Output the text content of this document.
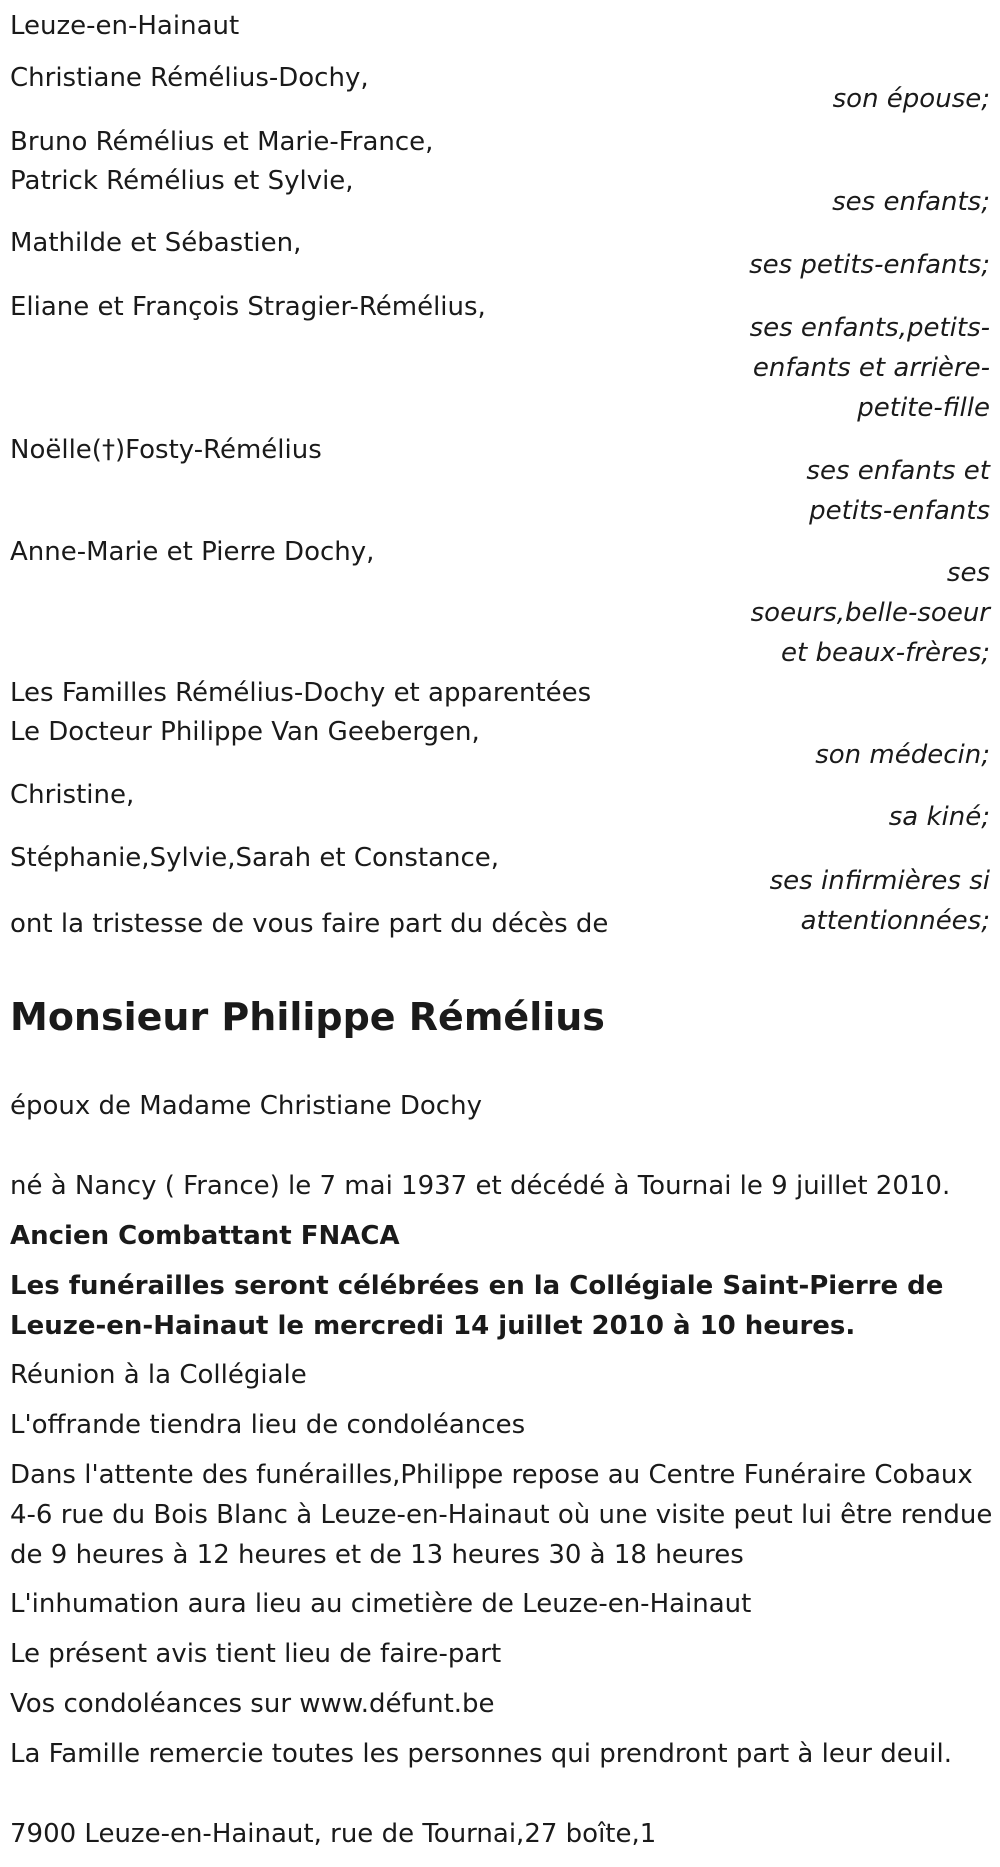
Leuze-en-Hainaut
Christiane Rémélius-Dochy,
son épouse;
Bruno Rémélius et Marie-France,
Patrick Rémélius et Sylvie,
ses enfants;
Mathilde et Sébastien,
ses petits-enfants;
Eliane et François Stragier-Rémélius,
ses enfants,petits-
enfants et arrière-
petite-fille
Noëlle(†)Fosty-Rémélius
ses enfants et
petits-enfants
Anne-Marie et Pierre Dochy,
ses
soeurs,belle-soeur
et beaux-frères;
Les Familles Rémélius-Dochy et apparentées
Le Docteur Philippe Van Geebergen,
son médecin;
Christine,
sa kiné;
Stéphanie,Sylvie,Sarah et Constance,
ses infirmières si
attentionnées;
ont la tristesse de vous faire part du décès de
Monsieur Philippe Rémélius
époux de Madame Christiane Dochy
né à Nancy ( France) le 7 mai 1937 et décédé à Tournai le 9 juillet 2010.
Ancien Combattant FNACA
Les funérailles seront célébrées en la Collégiale Saint-Pierre de Leuze-en-Hainaut le mercredi 14 juillet 2010 à 10 heures.
Réunion à la Collégiale
L'offrande tiendra lieu de condoléances
Dans l'attente des funérailles,Philippe repose au Centre Funéraire Cobaux 4-6 rue du Bois Blanc à Leuze-en-Hainaut où une visite peut lui être rendue de 9 heures à 12 heures et de 13 heures 30 à 18 heures
L'inhumation aura lieu au cimetière de Leuze-en-Hainaut
Le présent avis tient lieu de faire-part
Vos condoléances sur www.défunt.be
La Famille remercie toutes les personnes qui prendront part à leur deuil.
7900 Leuze-en-Hainaut, rue de Tournai,27 boîte,1
